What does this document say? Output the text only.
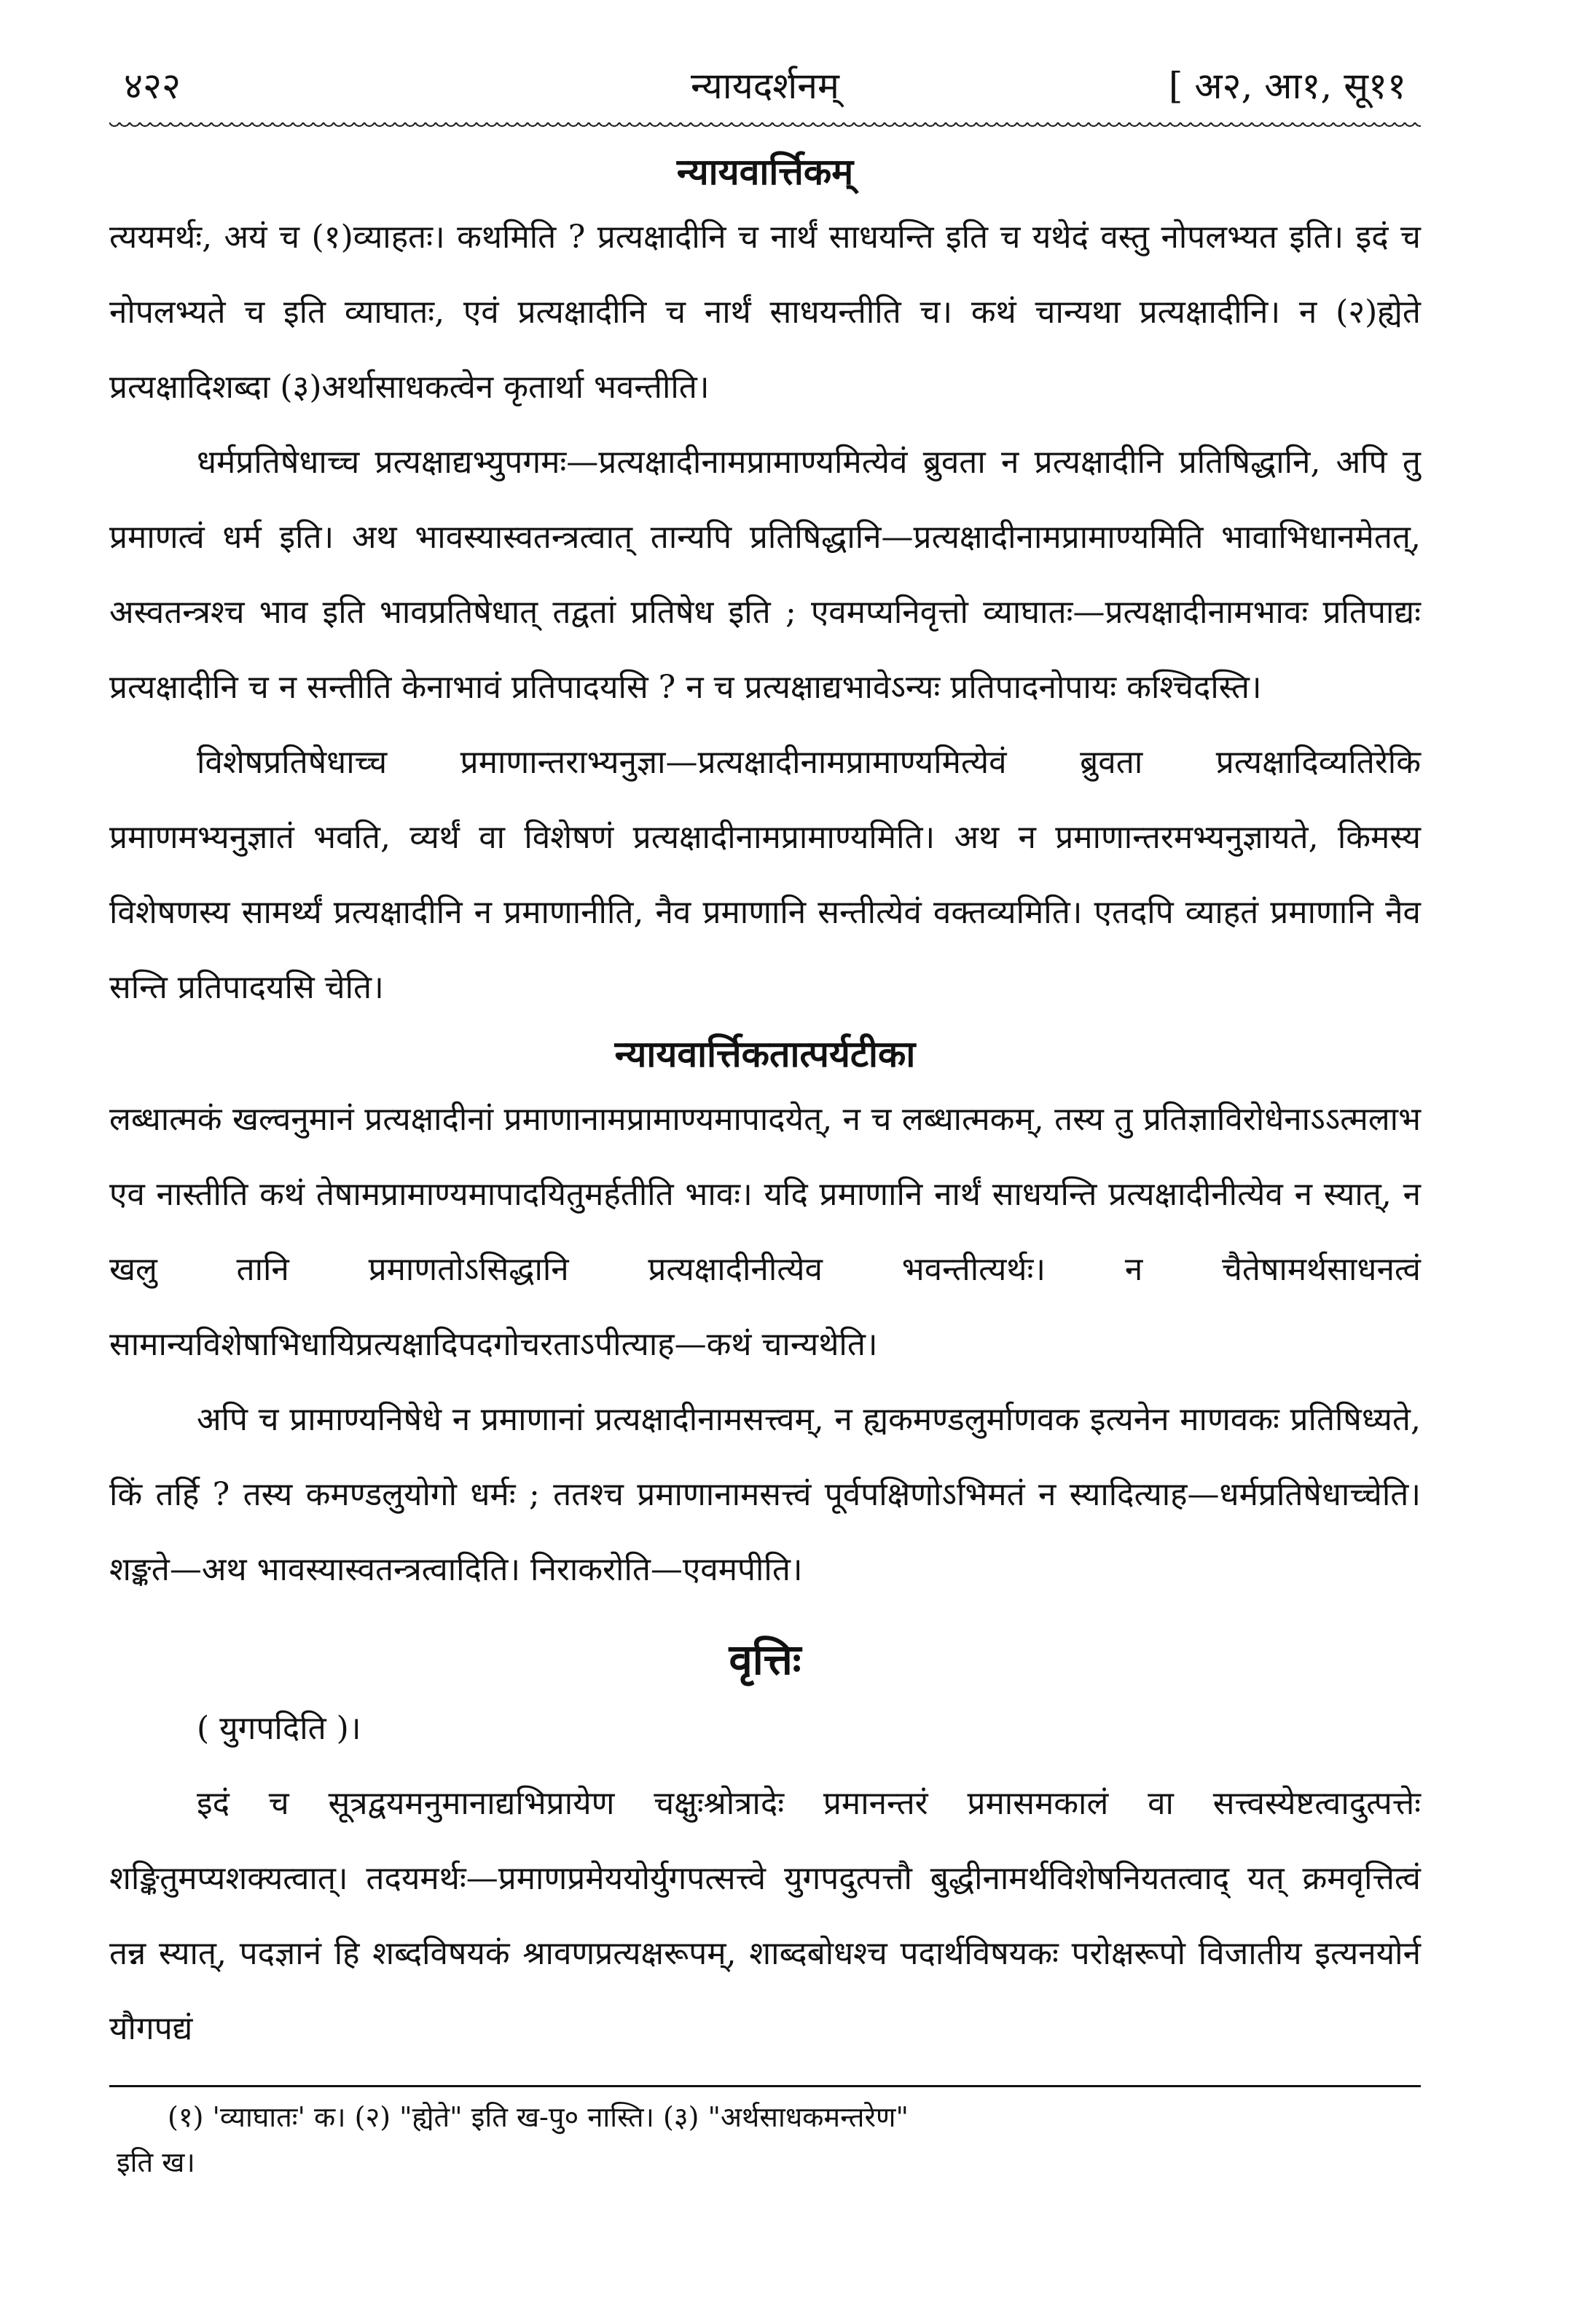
४२२	न्यायदर्शनम्	[ अ२, आ१, सू११
न्यायवार्त्तिकम्

त्ययमर्थः, अयं च (१)व्याहतः। कथमिति ? प्रत्यक्षादीनि च नार्थं साधयन्ति इति च यथेदं वस्तु नोपलभ्यत इति। इदं च नोपलभ्यते च इति व्याघातः, एवं प्रत्यक्षादीनि च नार्थं साधयन्तीति च। कथं चान्यथा प्रत्यक्षादीनि। न (२)ह्येते प्रत्यक्षादिशब्दा (३)अर्थासाधकत्वेन कृतार्था भवन्तीति।

धर्मप्रतिषेधाच्च प्रत्यक्षाद्यभ्युपगमः—प्रत्यक्षादीनामप्रामाण्यमित्येवं ब्रुवता न प्रत्यक्षादीनि प्रतिषिद्धानि, अपि तु प्रमाणत्वं धर्म इति। अथ भावस्यास्वतन्त्रत्वात् तान्यपि प्रतिषिद्धानि—प्रत्यक्षादीनामप्रामाण्यमिति भावाभिधानमेतत्, अस्वतन्त्रश्च भाव इति भावप्रतिषेधात् तद्वतां प्रतिषेध इति ; एवमप्यनिवृत्तो व्याघातः—प्रत्यक्षादीनामभावः प्रतिपाद्यः प्रत्यक्षादीनि च न सन्तीति केनाभावं प्रतिपादयसि ? न च प्रत्यक्षाद्यभावेऽन्यः प्रतिपादनोपायः कश्चिदस्ति।

विशेषप्रतिषेधाच्च प्रमाणान्तराभ्यनुज्ञा—प्रत्यक्षादीनामप्रामाण्यमित्येवं ब्रुवता प्रत्यक्षादिव्यतिरेकि प्रमाणमभ्यनुज्ञातं भवति, व्यर्थं वा विशेषणं प्रत्यक्षादीनामप्रामाण्यमिति। अथ न प्रमाणान्तरमभ्यनुज्ञायते, किमस्य विशेषणस्य सामर्थ्यं प्रत्यक्षादीनि न प्रमाणानीति, नैव प्रमाणानि सन्तीत्येवं वक्तव्यमिति। एतदपि व्याहतं प्रमाणानि नैव सन्ति प्रतिपादयसि चेति।

न्यायवार्त्तिकतात्पर्यटीका

लब्धात्मकं खल्वनुमानं प्रत्यक्षादीनां प्रमाणानामप्रामाण्यमापादयेत्, न च लब्धात्मकम्, तस्य तु प्रतिज्ञाविरोधेनाऽऽत्मलाभ एव नास्तीति कथं तेषामप्रामाण्यमापादयितुमर्हतीति भावः। यदि प्रमाणानि नार्थं साधयन्ति प्रत्यक्षादीनीत्येव न स्यात्, न खलु तानि प्रमाणतोऽसिद्धानि प्रत्यक्षादीनीत्येव भवन्तीत्यर्थः। न चैतेषामर्थसाधनत्वं सामान्यविशेषाभिधायिप्रत्यक्षादिपदगोचरताऽपीत्याह—कथं चान्यथेति।

अपि च प्रामाण्यनिषेधे न प्रमाणानां प्रत्यक्षादीनामसत्त्वम्, न ह्यकमण्डलुर्माणवक इत्यनेन माणवकः प्रतिषिध्यते, किं तर्हि ? तस्य कमण्डलुयोगो धर्मः ; ततश्च प्रमाणानामसत्त्वं पूर्वपक्षिणोऽभिमतं न स्यादित्याह—धर्मप्रतिषेधाच्चेति। शङ्कते—अथ भावस्यास्वतन्त्रत्वादिति। निराकरोति—एवमपीति।

वृत्तिः

( युगपदिति )।

इदं च सूत्रद्वयमनुमानाद्यभिप्रायेण चक्षुःश्रोत्रादेः प्रमानन्तरं प्रमासमकालं वा सत्त्वस्येष्टत्वादुत्पत्तेः शङ्कितुमप्यशक्यत्वात्। तदयमर्थः—प्रमाणप्रमेययोर्युगपत्सत्त्वे युगपदुत्पत्तौ बुद्धीनामर्थविशेषनियतत्वाद् यत् क्रमवृत्तित्वं तन्न स्यात्, पदज्ञानं हि शब्दविषयकं श्रावणप्रत्यक्षरूपम्, शाब्दबोधश्च पदार्थविषयकः परोक्षरूपो विजातीय इत्यनयोर्न यौगपद्यं

(१) 'व्याघातः' क। (२) "ह्येते" इति ख-पु० नास्ति। (३) "अर्थसाधकमन्तरेण"
इति ख।
